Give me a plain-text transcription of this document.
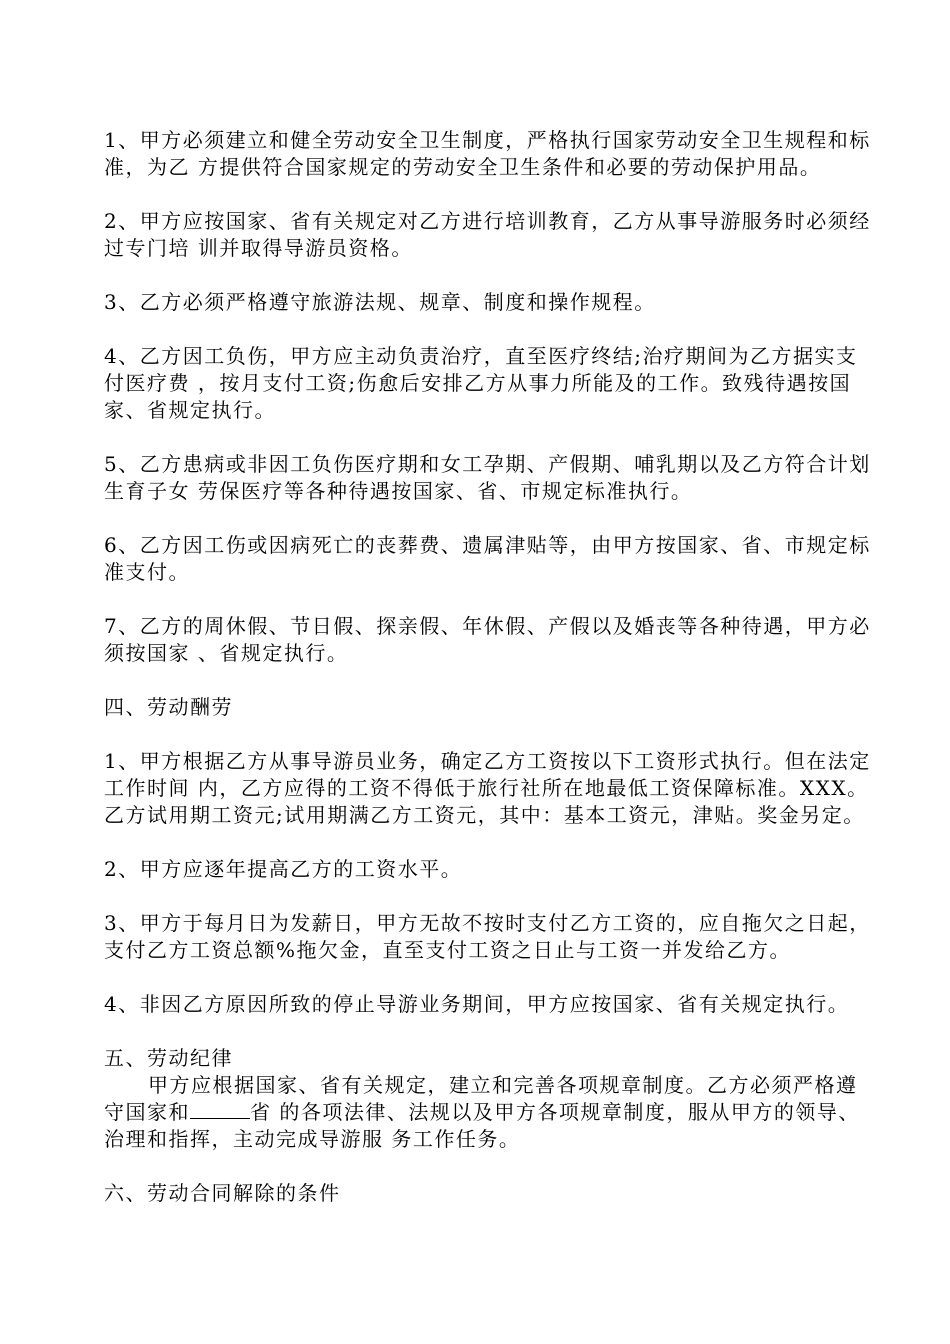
1、甲方必须建立和健全劳动安全卫生制度，严格执行国家劳动安全卫生规程和标准，为乙 方提供符合国家规定的劳动安全卫生条件和必要的劳动保护用品。

2、甲方应按国家、省有关规定对乙方进行培训教育，乙方从事导游服务时必须经过专门培 训并取得导游员资格。

3、乙方必须严格遵守旅游法规、规章、制度和操作规程。

4、乙方因工负伤，甲方应主动负责治疗，直至医疗终结;治疗期间为乙方据实支付医疗费 ，按月支付工资;伤愈后安排乙方从事力所能及的工作。致残待遇按国家、省规定执行。

5、乙方患病或非因工负伤医疗期和女工孕期、产假期、哺乳期以及乙方符合计划生育子女 劳保医疗等各种待遇按国家、省、市规定标准执行。

6、乙方因工伤或因病死亡的丧葬费、遗属津贴等，由甲方按国家、省、市规定标准支付。

7、乙方的周休假、节日假、探亲假、年休假、产假以及婚丧等各种待遇，甲方必须按国家 、省规定执行。

四、劳动酬劳

1、甲方根据乙方从事导游员业务，确定乙方工资按以下工资形式执行。但在法定工作时间 内，乙方应得的工资不得低于旅行社所在地最低工资保障标准。XXX。乙方试用期工资元;试用期满乙方工资元，其中：基本工资元，津贴。奖金另定。

2、甲方应逐年提高乙方的工资水平。

3、甲方于每月日为发薪日，甲方无故不按时支付乙方工资的，应自拖欠之日起，支付乙方工资总额%拖欠金，直至支付工资之日止与工资一并发给乙方。

4、非因乙方原因所致的停止导游业务期间，甲方应按国家、省有关规定执行。

五、劳动纪律

甲方应根据国家、省有关规定，建立和完善各项规章制度。乙方必须严格遵守国家和	省 的各项法律、法规以及甲方各项规章制度，服从甲方的领导、治理和指挥，主动完成导游服 务工作任务。

六、劳动合同解除的条件
